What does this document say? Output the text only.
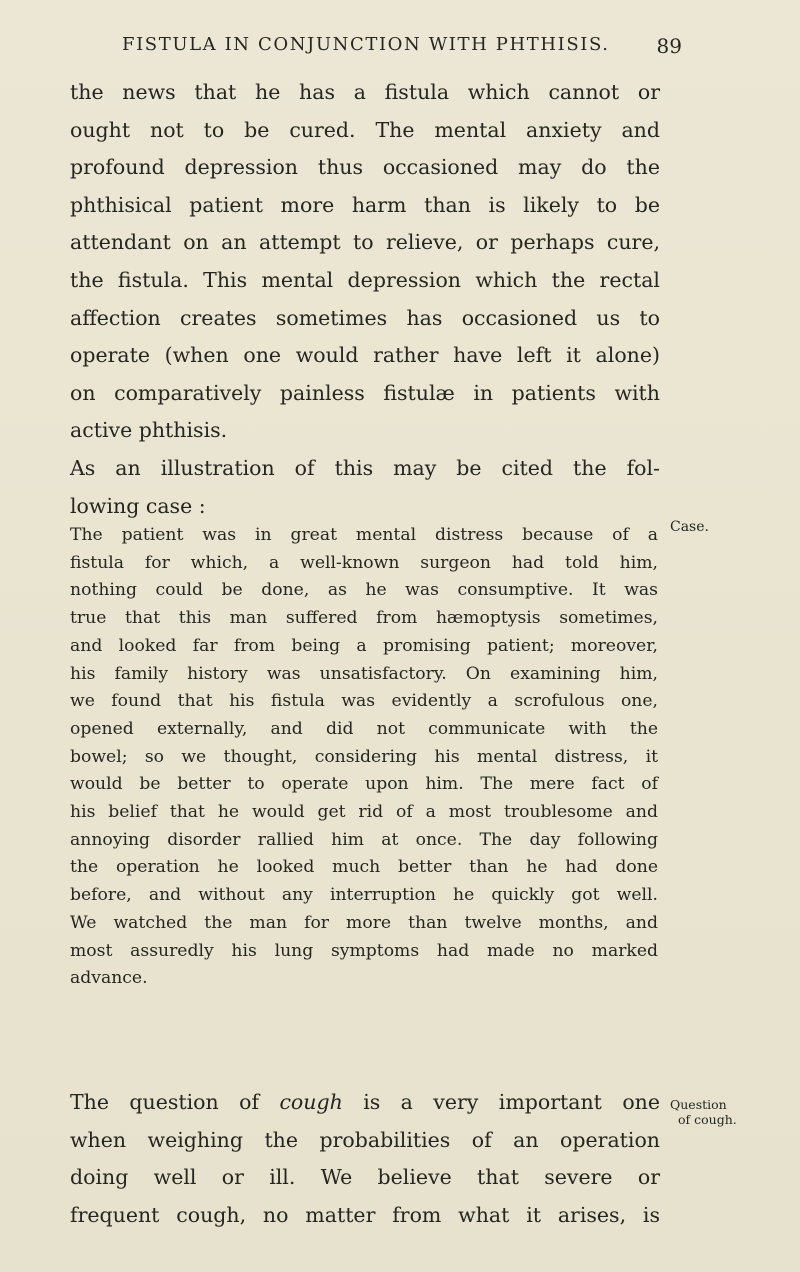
FISTULA IN CONJUNCTION WITH PHTHISIS. 89
the news that he has a fistula which cannot or
ought not to be cured. The mental anxiety and
profound depression thus occasioned may do the
phthisical patient more harm than is likely to be
attendant on an attempt to relieve, or perhaps cure,
the fistula. This mental depression which the rectal
affection creates sometimes has occasioned us to
operate (when one would rather have left it alone)
on comparatively painless fistulæ in patients with
active phthisis.
As an illustration of this may be cited the fol-
lowing case :
The patient was in great mental distress because of a
fistula for which, a well-known surgeon had told him,
nothing could be done, as he was consumptive. It was
true that this man suffered from hæmoptysis sometimes,
and looked far from being a promising patient; moreover,
his family history was unsatisfactory. On examining him,
we found that his fistula was evidently a scrofulous one,
opened externally, and did not communicate with the
bowel; so we thought, considering his mental distress, it
would be better to operate upon him. The mere fact of
his belief that he would get rid of a most troublesome and
annoying disorder rallied him at once. The day following
the operation he looked much better than he had done
before, and without any interruption he quickly got well.
We watched the man for more than twelve months, and
most assuredly his lung symptoms had made no marked
advance.
The question of cough is a very important one
when weighing the probabilities of an operation
doing well or ill. We believe that severe or
frequent cough, no matter from what it arises, is
Case.
Question
of cough.
